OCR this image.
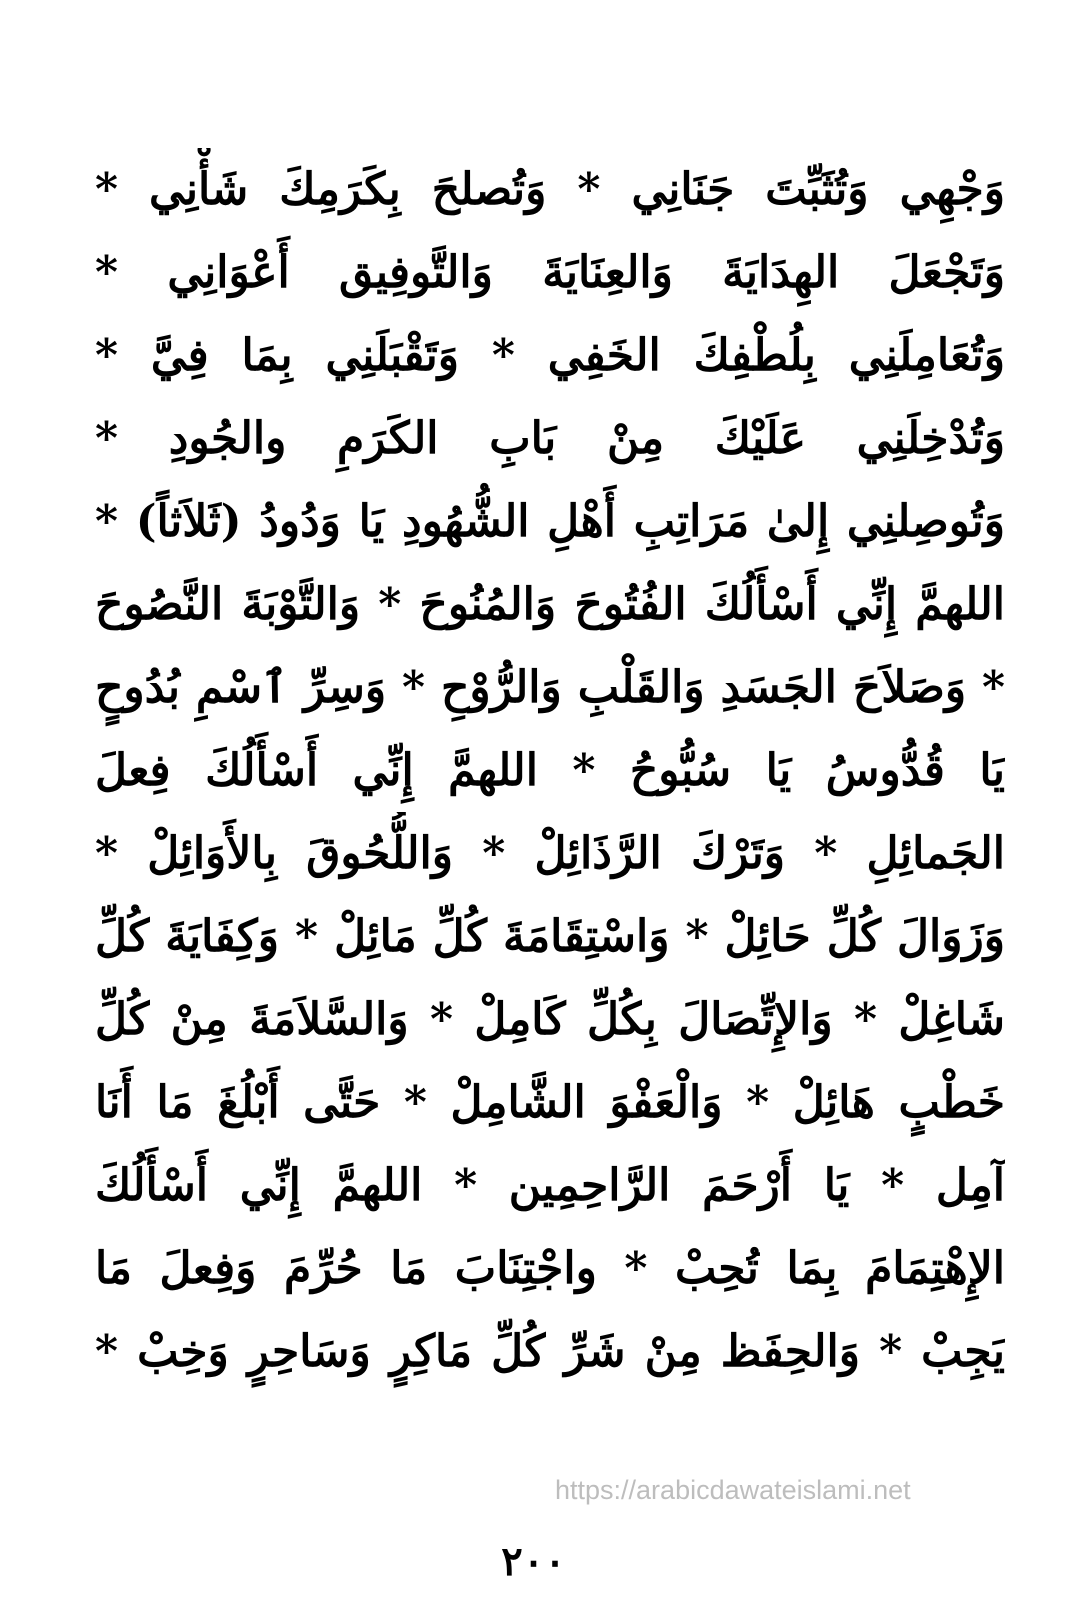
وَجْهِي وَتُثَبِّتَ جَنَانِي * وَتُصلحَ بِكَرَمِكَ شَأْنِي *
وَتَجْعَلَ الهِدَايَةَ وَالعِنَايَةَ وَالتَّوفِيق أَعْوَانِي *
وَتُعَامِلَنِي بِلُطْفِكَ الخَفِي * وَتَقْبَلَنِي بِمَا فِيَّ *
وَتُدْخِلَنِي عَلَيْكَ مِنْ بَابِ الكَرَمِ والجُودِ *
وَتُوصِلنِي إِلىٰ مَرَاتِبِ أَهْلِ الشُّهُودِ يَا وَدُودُ (ثَلاَثاً) *
اللهمَّ إِنِّي أَسْأَلُكَ الفُتُوحَ وَالمُنُوحَ * وَالتَّوْبَةَ النَّصُوحَ
* وَصَلاَحَ الجَسَدِ وَالقَلْبِ وَالرُّوْحِ * وَسِرِّ ٱسْمِ بُدُوحٍ
يَا قُدُّوسُ يَا سُبُّوحُ * اللهمَّ إِنِّي أَسْأَلُكَ فِعلَ
الجَمائِلِ * وَتَرْكَ الرَّذَائِلْ * وَاللُّحُوقَ بِالأَوَائِلْ *
وَزَوَالَ كُلِّ حَائِلْ * وَاسْتِقَامَةَ كُلِّ مَائِلْ * وَكِفَايَةَ كُلِّ
شَاغِلْ * وَالإِتِّصَالَ بِكُلِّ كَامِلْ * وَالسَّلاَمَةَ مِنْ كُلِّ
خَطْبٍ هَائِلْ * وَالْعَفْوَ الشَّامِلْ * حَتَّى أَبْلُغَ مَا أَنَا
آمِل * يَا أَرْحَمَ الرَّاحِمِين * اللهمَّ إِنِّي أَسْأَلُكَ
الإِهْتِمَامَ بِمَا تُحِبْ * واجْتِنَابَ مَا حُرِّمَ وَفِعلَ مَا
يَجِبْ * وَالحِفَظ مِنْ شَرِّ كُلِّ مَاكِرٍ وَسَاحِرٍ وَخِبْ *
https://arabicdawateislami.net
٢٠٠
